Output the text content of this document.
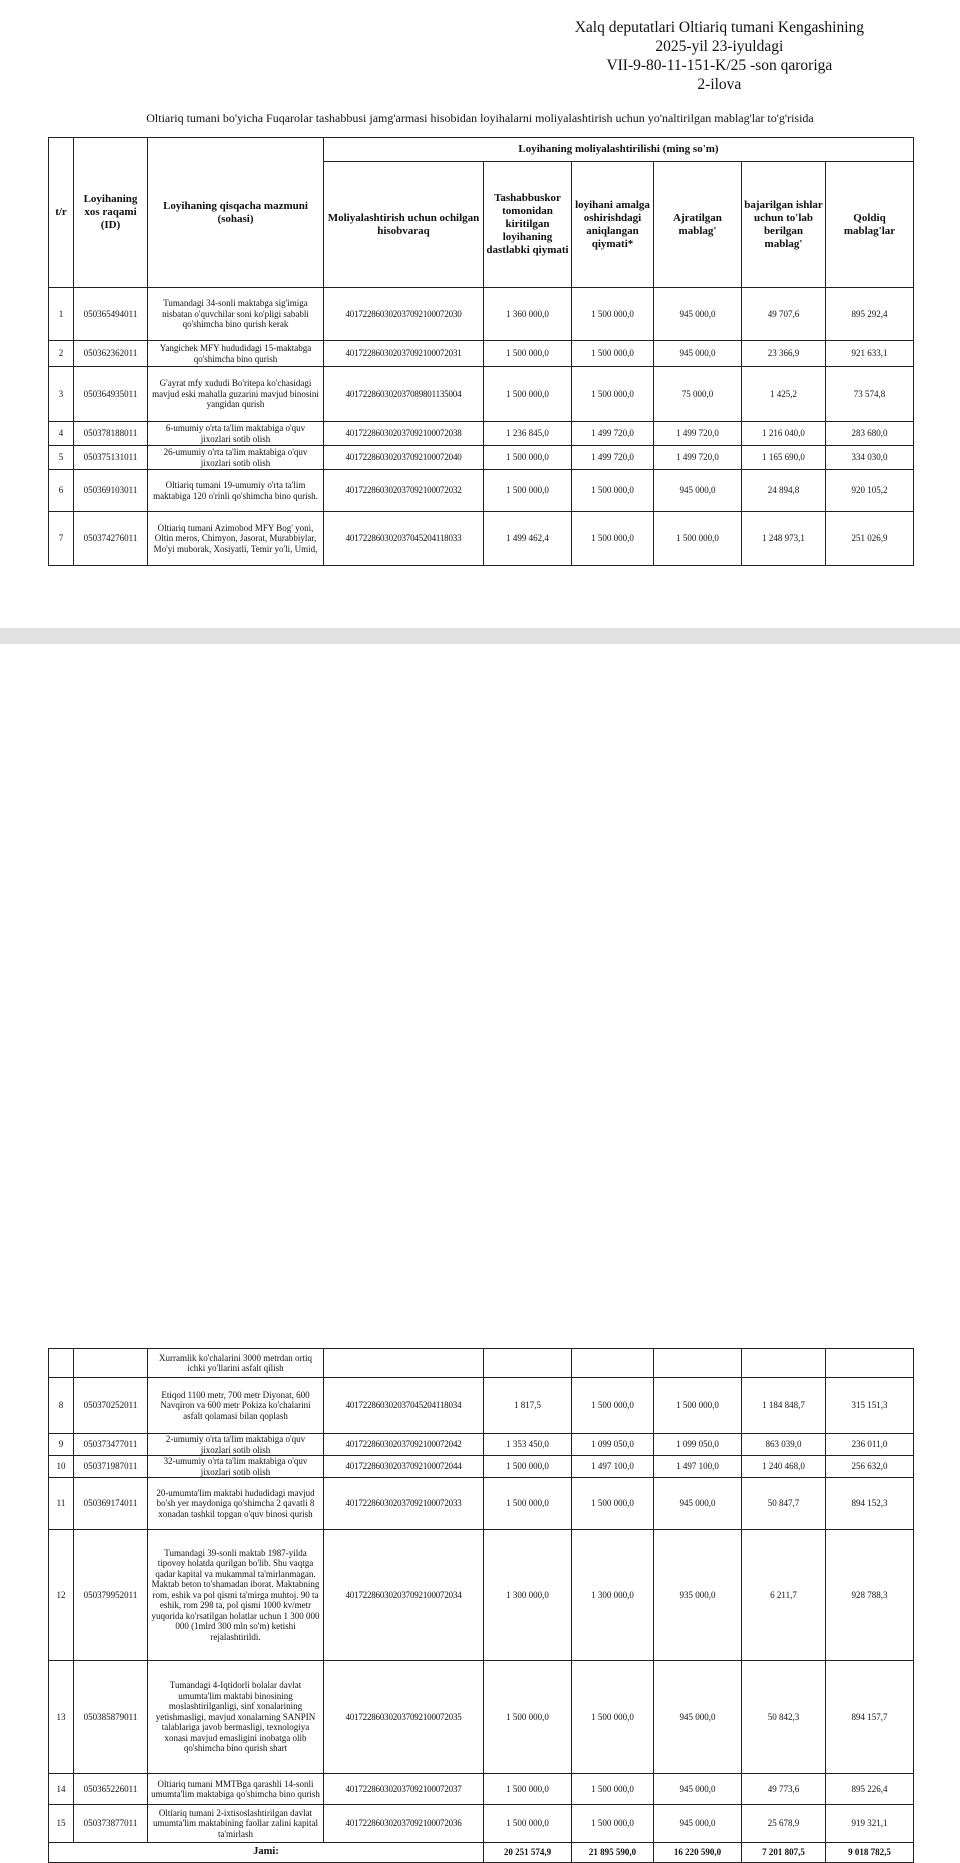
Xalq deputatlari Oltiariq tumani Kengashining
2025-yil 23-iyuldagi
VII-9-80-11-151-K/25 -son qaroriga
2-ilova
Oltiariq tumani bo'yicha Fuqarolar tashabbusi jamg'armasi hisobidan loyihalarni moliyalashtirish uchun yo'naltirilgan mablag'lar to'g'risida
t/r	Loyihaning xos raqami (ID)	Loyihaning qisqacha mazmuni (sohasi)	Loyihaning moliyalashtirilishi (ming so'm)					
			Moliyalashtirish uchun ochilgan hisobvaraq	Tashabbuskor tomonidan kiritilgan loyihaning dastlabki qiymati	loyihani amalga oshirishdagi aniqlangan qiymati*	Ajratilgan mablag'	bajarilgan ishlar uchun to'lab berilgan mablag'	Qoldiq mablag'lar
1	050365494011	Tumandagi 34-sonli maktabga sig'imiga nisbatan o'quvchilar soni ko'pligi sababli qo'shimcha bino qurish kerak	401722860302037092100072030	1 360 000,0	1 500 000,0	945 000,0	49 707,6	895 292,4
2	050362362011	Yangichek MFY hududidagi 15-maktabga qo'shimcha bino qurish	401722860302037092100072031	1 500 000,0	1 500 000,0	945 000,0	23 366,9	921 633,1
3	050364935011	G'ayrat mfy xududi Bo'ritepa ko'chasidagi mavjud eski mahalla guzarini mavjud binosini yangidan qurish	401722860302037089801135004	1 500 000,0	1 500 000,0	75 000,0	1 425,2	73 574,8
4	050378188011	6-umumiy o'rta ta'lim maktabiga o'quv jixozlari sotib olish	401722860302037092100072038	1 236 845,0	1 499 720,0	1 499 720,0	1 216 040,0	283 680,0
5	050375131011	26-umumiy o'rta ta'lim maktabiga o'quv jixozlari sotib olish	401722860302037092100072040	1 500 000,0	1 499 720,0	1 499 720,0	1 165 690,0	334 030,0
6	050369103011	Oltiariq tumani 19-umumiy o'rta ta'lim maktabiga 120 o'rinli qo'shimcha bino qurish.	401722860302037092100072032	1 500 000,0	1 500 000,0	945 000,0	24 894,8	920 105,2
7	050374276011	Oltiariq tumani Azimobod MFY Bog' yoni, Oltin meros, Chimyon, Jasorat, Murabbiylar, Mo'yi muborak, Xosiyatli, Temir yo'li, Umid,	401722860302037045204118033	1 499 462,4	1 500 000,0	1 500 000,0	1 248 973,1	251 026,9
		Xurramlik ko'chalarini 3000 metrdan ortiq ichki yo'llarini asfalt qilish						
8	050370252011	Etiqod 1100 metr, 700 metr Diyonat, 600 Navqiron va 600 metr Pokiza ko'chalarini asfalt qolamasi bilan qoplash	401722860302037045204118034	1 817,5	1 500 000,0	1 500 000,0	1 184 848,7	315 151,3
9	050373477011	2-umumiy o'rta ta'lim maktabiga o'quv jixozlari sotib olish	401722860302037092100072042	1 353 450,0	1 099 050,0	1 099 050,0	863 039,0	236 011,0
10	050371987011	32-umumiy o'rta ta'lim maktabiga o'quv jixozlari sotib olish	401722860302037092100072044	1 500 000,0	1 497 100,0	1 497 100,0	1 240 468,0	256 632,0
11	050369174011	20-umumta'lim maktabi hududidagi mavjud bo'sh yer maydoniga qo'shimcha 2 qavatli 8 xonadan tashkil topgan o'quv binosi qurish	401722860302037092100072033	1 500 000,0	1 500 000,0	945 000,0	50 847,7	894 152,3
12	050379952011	Tumandagi 39-sonli maktab 1987-yilda tipovoy holatda qurilgan bo'lib. Shu vaqtga qadar kapital va mukammal ta'mirlanmagan. Maktab beton to'shamadan iborat. Maktabning rom, eshik va pol qismi ta'mirga muhtoj. 90 ta eshik, rom 298 ta, pol qismi 1000 kv/metr yuqorida ko'rsatilgan holatlar uchun 1 300 000 000 (1mlrd 300 mln so'm) ketishi rejalashtirildi.	401722860302037092100072034	1 300 000,0	1 300 000,0	935 000,0	6 211,7	928 788,3
13	050385879011	Tumandagi 4-Iqtidorli bolalar davlat umumta'lim maktabi binosining moslashtirilganligi, sinf xonalarining yetishmasligi, mavjud xonalarning SANPIN talablariga javob bermasligi, texnologiya xonasi mavjud emasligini inobatga olib qo'shimcha bino qurish shart	401722860302037092100072035	1 500 000,0	1 500 000,0	945 000,0	50 842,3	894 157,7
14	050365226011	Oltiariq tumani MMTBga qarashli 14-sonli umumta'lim maktabiga qo'shimcha bino qurish	401722860302037092100072037	1 500 000,0	1 500 000,0	945 000,0	49 773,6	895 226,4
15	050373877011	Oltiariq tumani 2-ixtisoslashtirilgan davlat umumta'lim maktabining faollar zalini kapital ta'mirlash	401722860302037092100072036	1 500 000,0	1 500 000,0	945 000,0	25 678,9	919 321,1
Jami:				20 251 574,9	21 895 590,0	16 220 590,0	7 201 807,5	9 018 782,5
